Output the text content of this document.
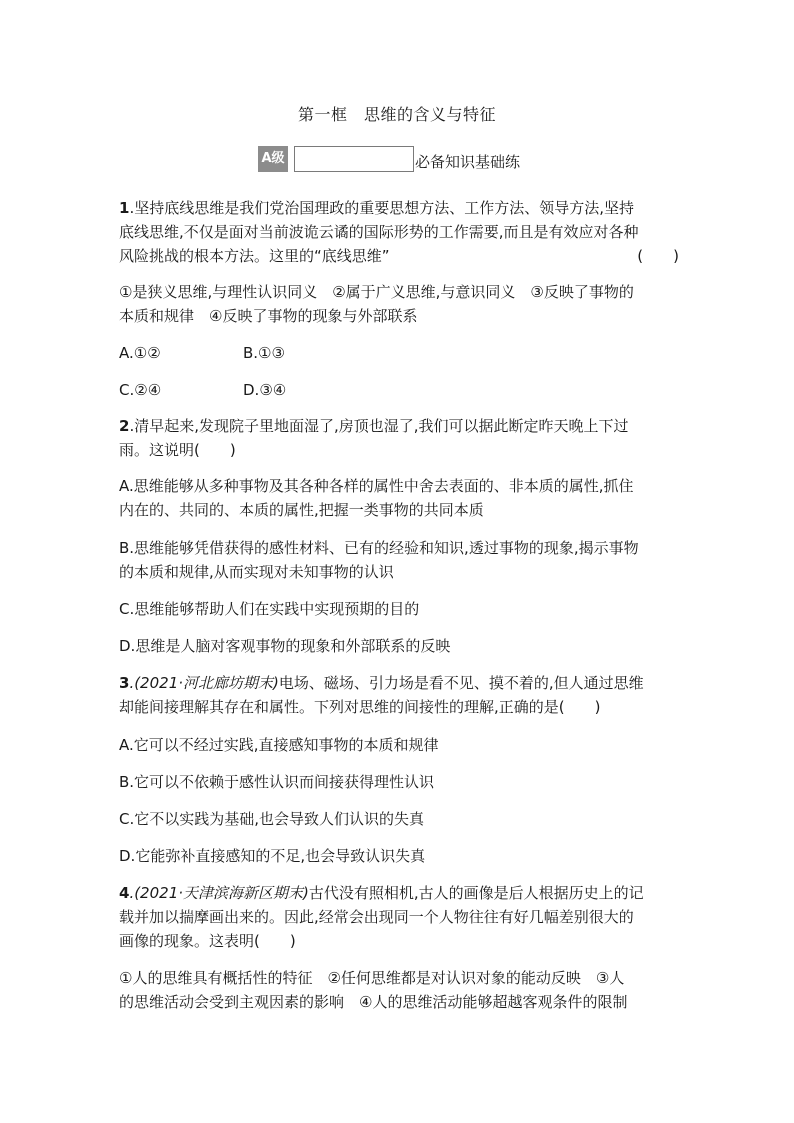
第一框　思维的含义与特征
A级	必备知识基础练
1.坚持底线思维是我们党治国理政的重要思想方法、工作方法、领导方法,坚持
底线思维,不仅是面对当前波诡云谲的国际形势的工作需要,而且是有效应对各种
风险挑战的根本方法。这里的“底线思维”	(　　)
①是狭义思维,与理性认识同义　②属于广义思维,与意识同义　③反映了事物的
本质和规律　④反映了事物的现象与外部联系
A.①②	B.①③
C.②④	D.③④
2.清早起来,发现院子里地面湿了,房顶也湿了,我们可以据此断定昨天晚上下过
雨。这说明(　　)
A.思维能够从多种事物及其各种各样的属性中舍去表面的、非本质的属性,抓住
内在的、共同的、本质的属性,把握一类事物的共同本质
B.思维能够凭借获得的感性材料、已有的经验和知识,透过事物的现象,揭示事物
的本质和规律,从而实现对未知事物的认识
C.思维能够帮助人们在实践中实现预期的目的
D.思维是人脑对客观事物的现象和外部联系的反映
3.(2021·河北廊坊期末)电场、磁场、引力场是看不见、摸不着的,但人通过思维
却能间接理解其存在和属性。下列对思维的间接性的理解,正确的是(　　)
A.它可以不经过实践,直接感知事物的本质和规律
B.它可以不依赖于感性认识而间接获得理性认识
C.它不以实践为基础,也会导致人们认识的失真
D.它能弥补直接感知的不足,也会导致认识失真
4.(2021·天津滨海新区期末)古代没有照相机,古人的画像是后人根据历史上的记
载并加以揣摩画出来的。因此,经常会出现同一个人物往往有好几幅差别很大的
画像的现象。这表明(　　)
①人的思维具有概括性的特征　②任何思维都是对认识对象的能动反映　③人
的思维活动会受到主观因素的影响　④人的思维活动能够超越客观条件的限制
